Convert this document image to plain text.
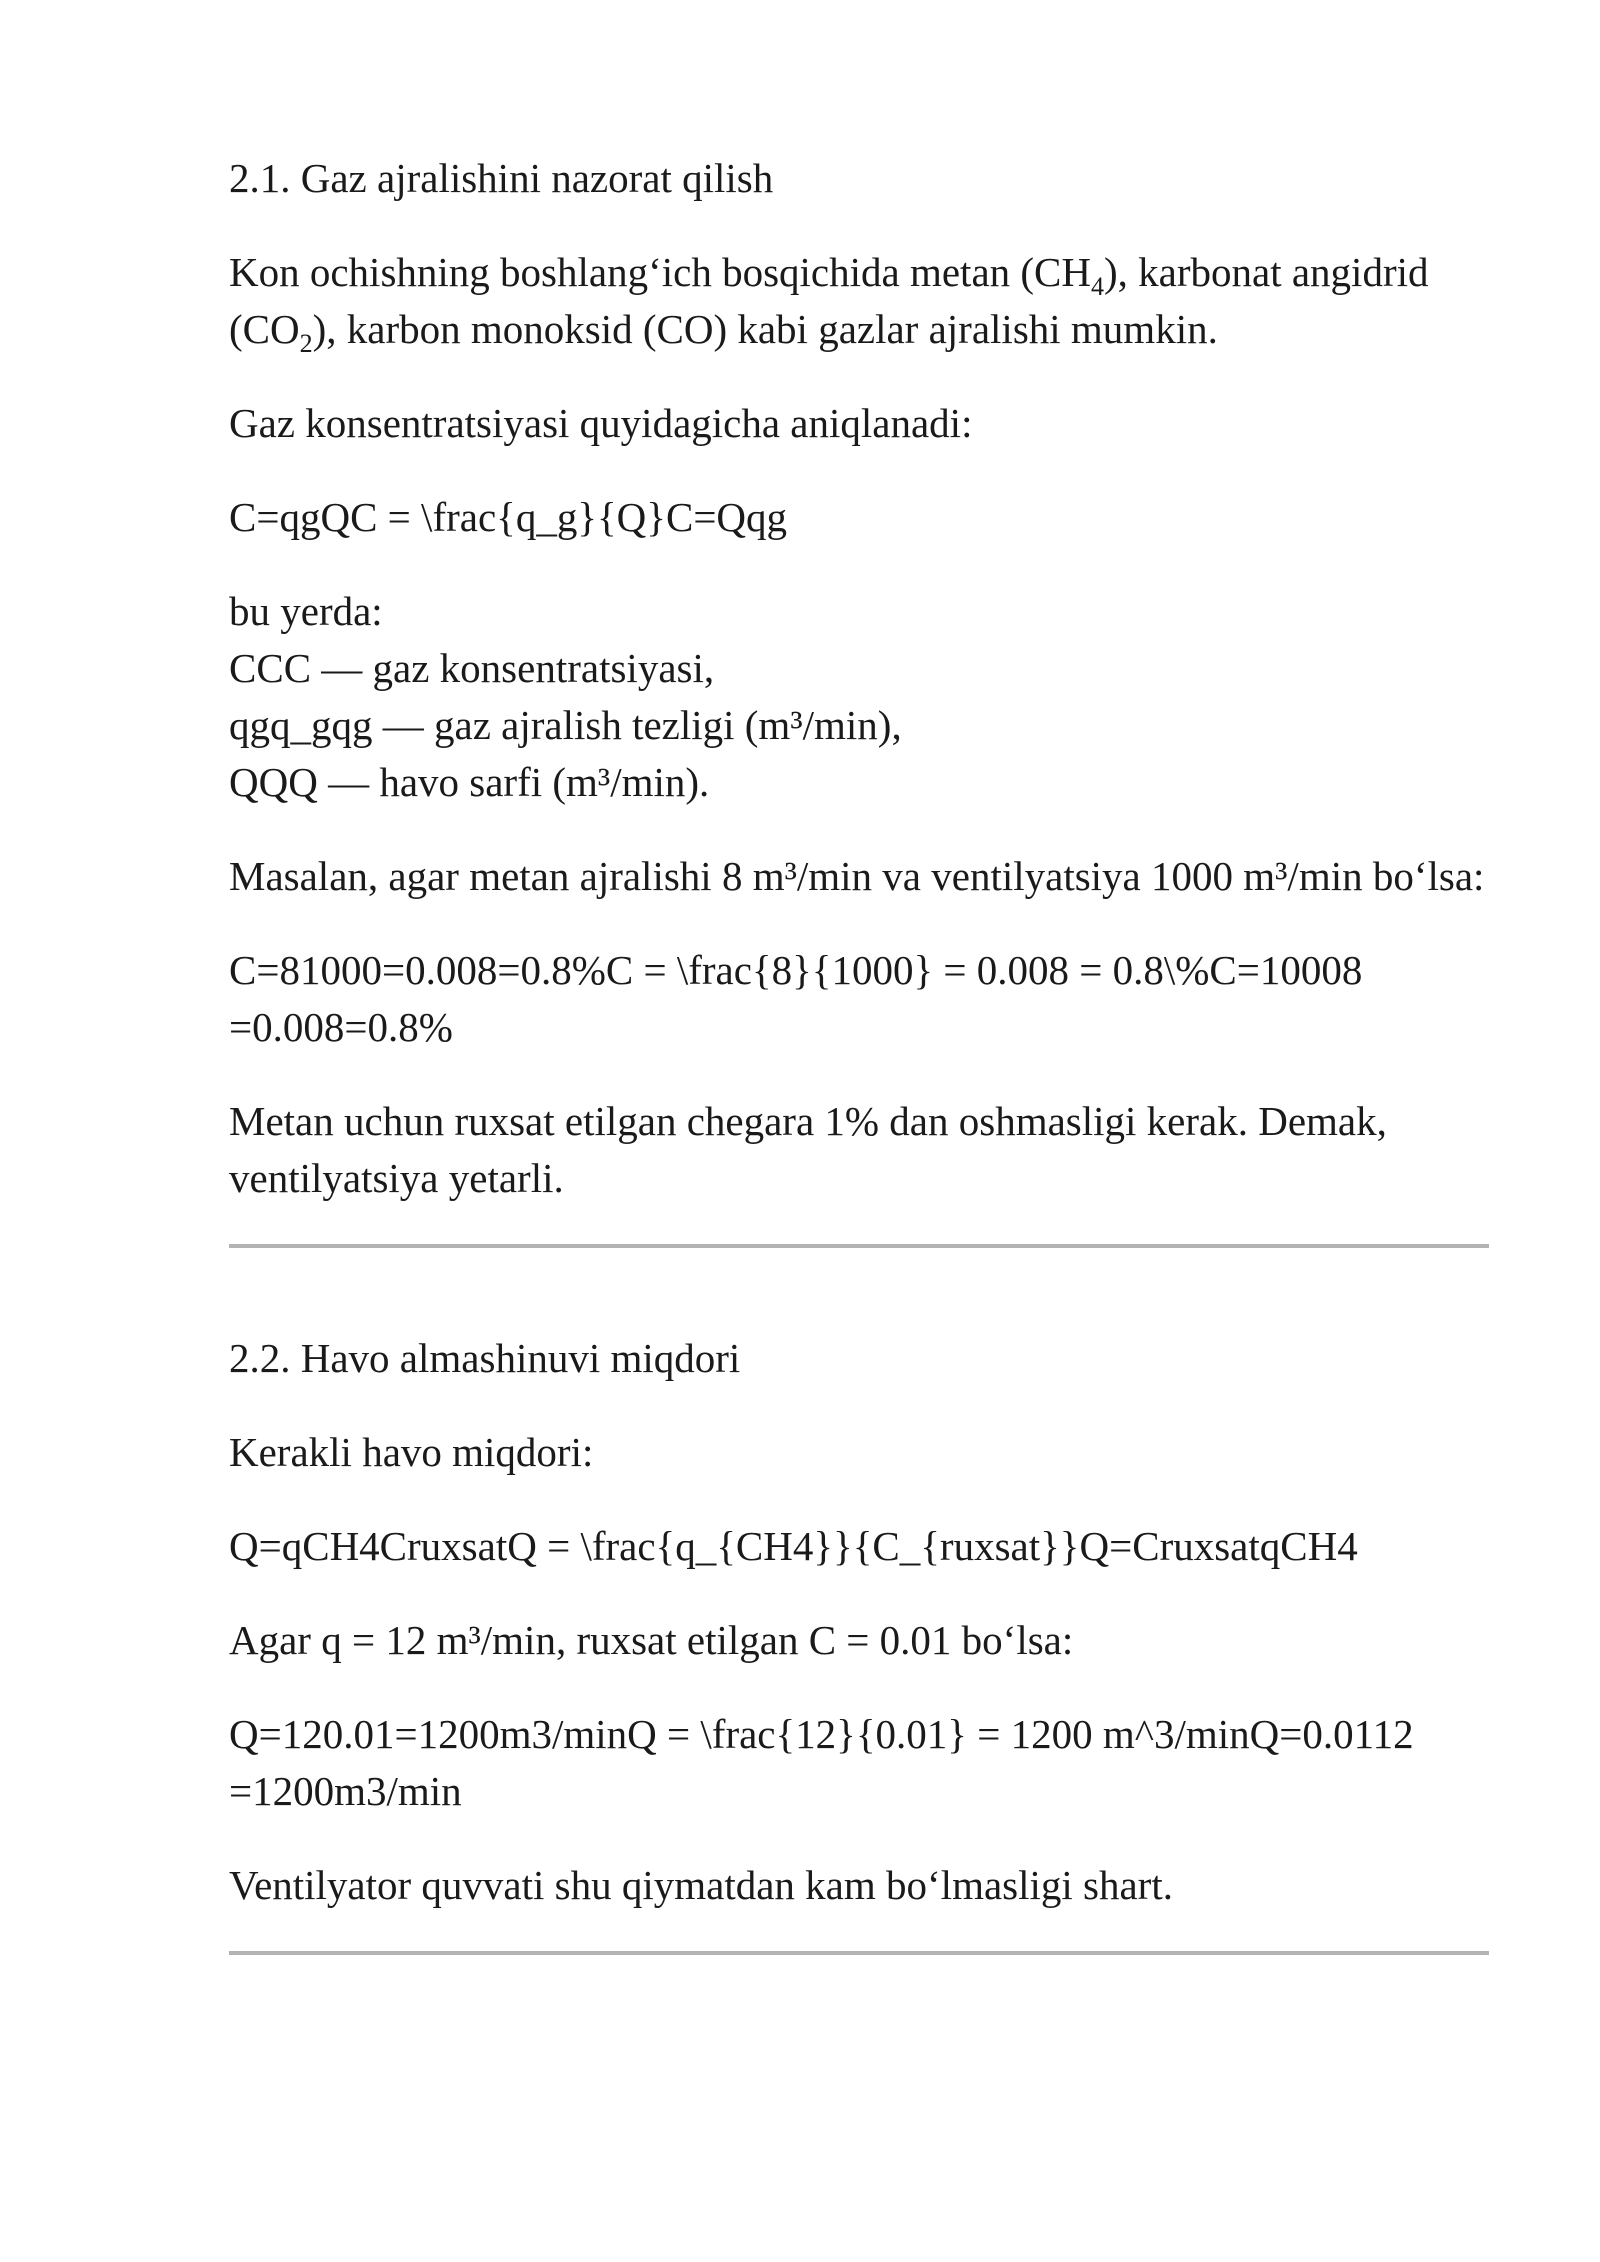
2.1. Gaz ajralishini nazorat qilish
Kon ochishning boshlang‘ich bosqichida metan $(CH_4)$, karbonat angidrid $(CO_2)$, karbon monoksid (CO) kabi gazlar ajralishi mumkin.
Gaz konsentratsiyasi quyidagicha aniqlanadi:
C=qgQC = \frac{q_g}{Q}C=Qqg
bu yerda:
CCC — gaz konsentratsiyasi,
qgq_gqg — gaz ajralish tezligi (m³/min),
QQQ — havo sarfi (m³/min).
Masalan, agar metan ajralishi 8 m³/min va ventilyatsiya 1000 m³/min bo‘lsa:
C=81000=0.008=0.8%C = \frac{8}{1000} = 0.008 = 0.8\%C=10008
=0.008=0.8%
Metan uchun ruxsat etilgan chegara 1% dan oshmasligi kerak. Demak, ventilyatsiya yetarli.
2.2. Havo almashinuvi miqdori
Kerakli havo miqdori:
Q=qCH4CruxsatQ = \frac{q_{CH4}}{C_{ruxsat}}Q=CruxsatqCH4
Agar q = 12 m³/min, ruxsat etilgan C = 0.01 bo‘lsa:
Q=120.01=1200m3/minQ = \frac{12}{0.01} = 1200 m^3/minQ=0.0112
=1200m3/min
Ventilyator quvvati shu qiymatdan kam bo‘lmasligi shart.
